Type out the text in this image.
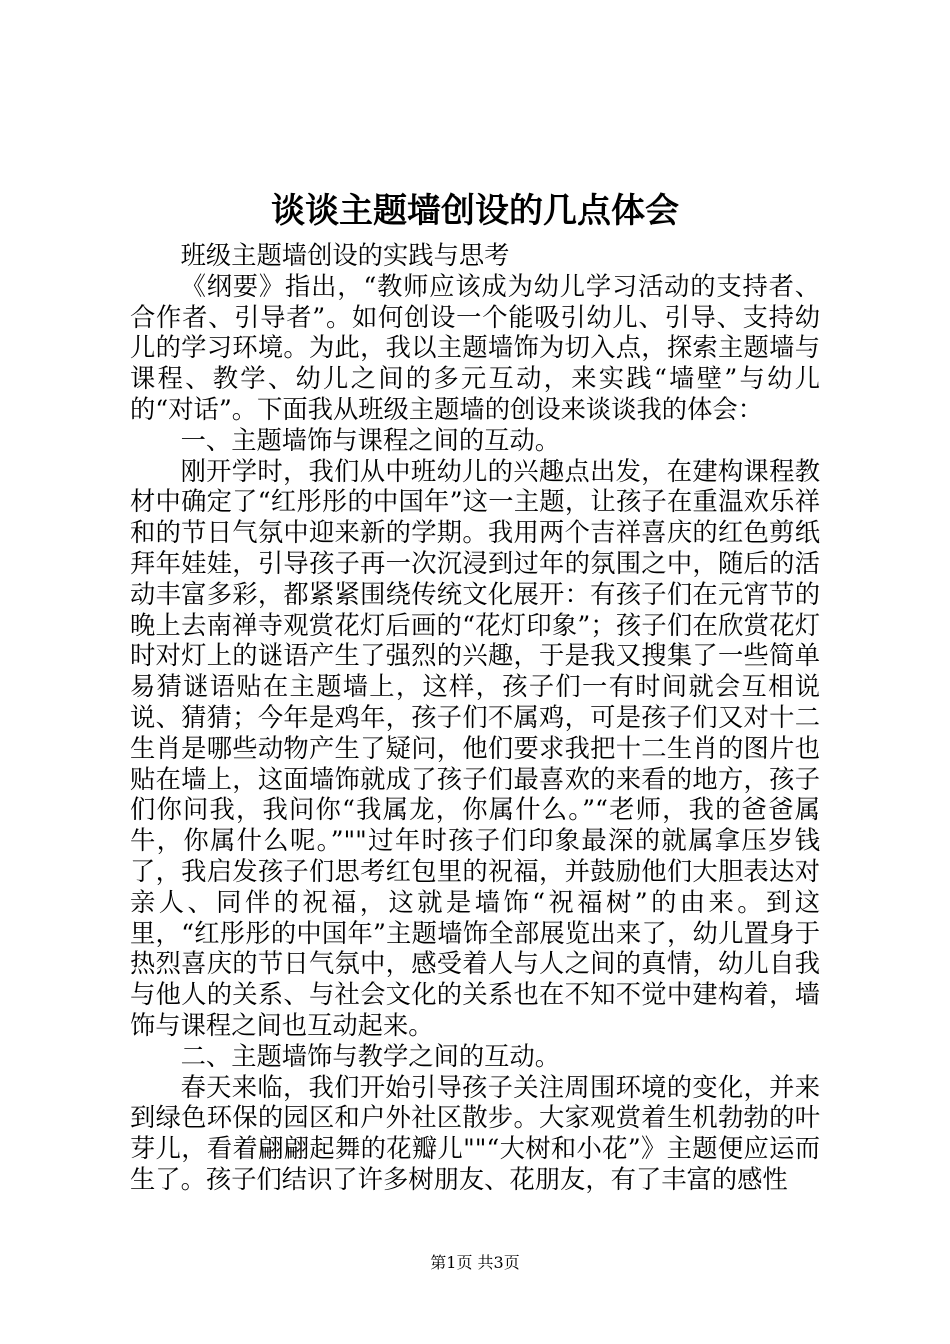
谈谈主题墙创设的几点体会

班级主题墙创设的实践与思考

《纲要》指出，“教师应该成为幼儿学习活动的支持者、合作者、引导者”。如何创设一个能吸引幼儿、引导、支持幼儿的学习环境。为此，我以主题墙饰为切入点，探索主题墙与课程、教学、幼儿之间的多元互动，来实践“墙壁”与幼儿的“对话”。下面我从班级主题墙的创设来谈谈我的体会：

一、主题墙饰与课程之间的互动。

刚开学时，我们从中班幼儿的兴趣点出发，在建构课程教材中确定了“红彤彤的中国年”这一主题，让孩子在重温欢乐祥和的节日气氛中迎来新的学期。我用两个吉祥喜庆的红色剪纸拜年娃娃，引导孩子再一次沉浸到过年的氛围之中，随后的活动丰富多彩，都紧紧围绕传统文化展开：有孩子们在元宵节的晚上去南禅寺观赏花灯后画的“花灯印象”；孩子们在欣赏花灯时对灯上的谜语产生了强烈的兴趣，于是我又搜集了一些简单易猜谜语贴在主题墙上，这样，孩子们一有时间就会互相说说、猜猜；今年是鸡年，孩子们不属鸡，可是孩子们又对十二生肖是哪些动物产生了疑问，他们要求我把十二生肖的图片也贴在墙上，这面墙饰就成了孩子们最喜欢的来看的地方，孩子们你问我，我问你“我属龙，你属什么。”“老师，我的爸爸属牛，你属什么呢。”""过年时孩子们印象最深的就属拿压岁钱了，我启发孩子们思考红包里的祝福，并鼓励他们大胆表达对亲人、同伴的祝福，这就是墙饰“祝福树”的由来。到这里，“红彤彤的中国年”主题墙饰全部展览出来了，幼儿置身于热烈喜庆的节日气氛中，感受着人与人之间的真情，幼儿自我与他人的关系、与社会文化的关系也在不知不觉中建构着，墙饰与课程之间也互动起来。

二、主题墙饰与教学之间的互动。

春天来临，我们开始引导孩子关注周围环境的变化，并来到绿色环保的园区和户外社区散步。大家观赏着生机勃勃的叶芽儿，看着翩翩起舞的花瓣儿""“大树和小花”》主题便应运而生了。孩子们结识了许多树朋友、花朋友，有了丰富的感性

第1页 共3页
